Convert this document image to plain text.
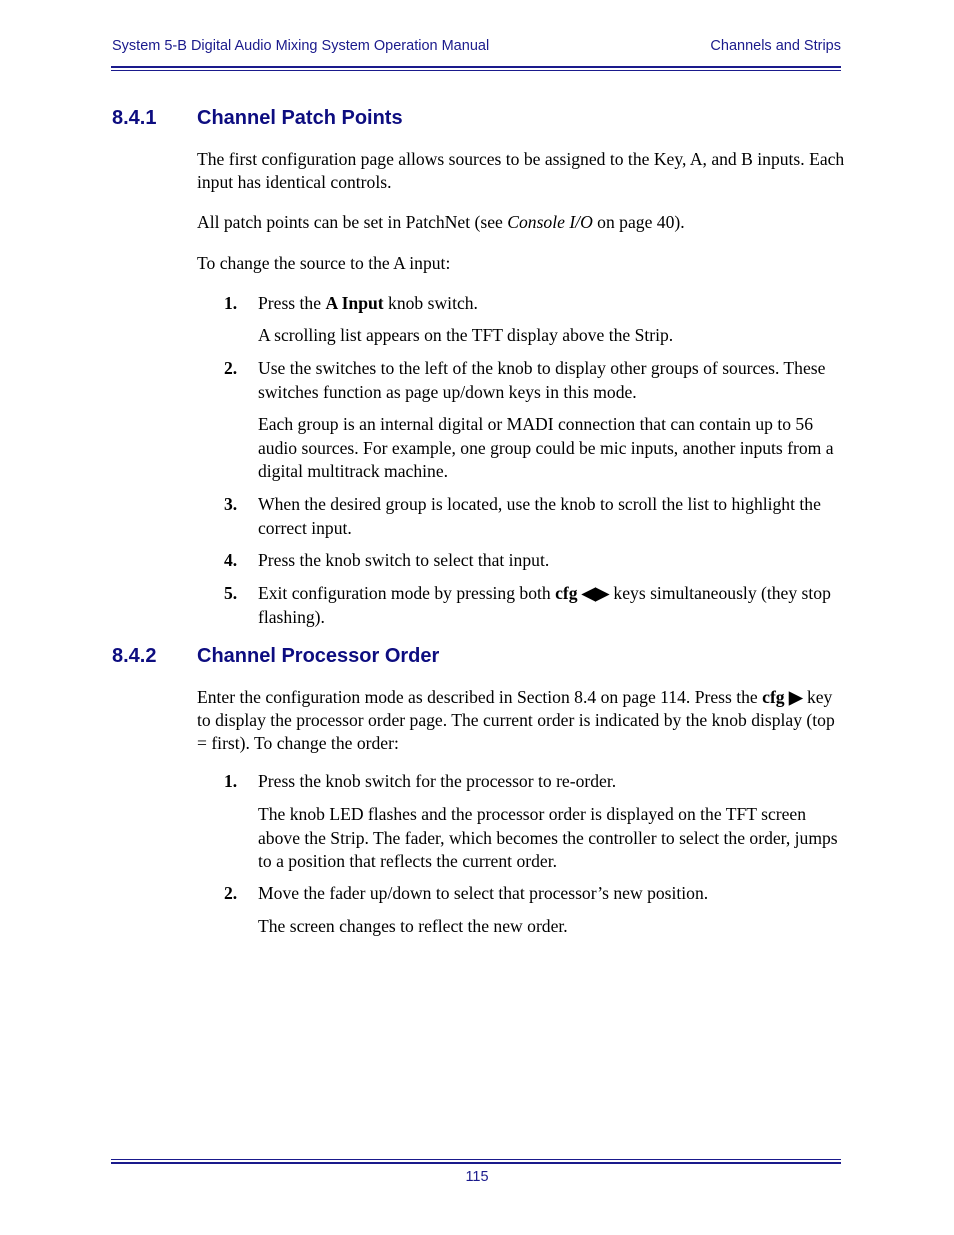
System 5-B Digital Audio Mixing System Operation Manual	Channels and Strips
8.4.1 Channel Patch Points
The first configuration page allows sources to be assigned to the Key, A, and B inputs. Each input has identical controls.
All patch points can be set in PatchNet (see Console I/O on page 40).
To change the source to the A input:
1. Press the A Input knob switch.
A scrolling list appears on the TFT display above the Strip.
2. Use the switches to the left of the knob to display other groups of sources. These switches function as page up/down keys in this mode.
Each group is an internal digital or MADI connection that can contain up to 56 audio sources. For example, one group could be mic inputs, another inputs from a digital multitrack machine.
3. When the desired group is located, use the knob to scroll the list to highlight the correct input.
4. Press the knob switch to select that input.
5. Exit configuration mode by pressing both cfg ◀▶ keys simultaneously (they stop flashing).
8.4.2 Channel Processor Order
Enter the configuration mode as described in Section 8.4 on page 114. Press the cfg ▶ key to display the processor order page. The current order is indicated by the knob display (top = first). To change the order:
1. Press the knob switch for the processor to re-order.
The knob LED flashes and the processor order is displayed on the TFT screen above the Strip. The fader, which becomes the controller to select the order, jumps to a position that reflects the current order.
2. Move the fader up/down to select that processor’s new position.
The screen changes to reflect the new order.
115
